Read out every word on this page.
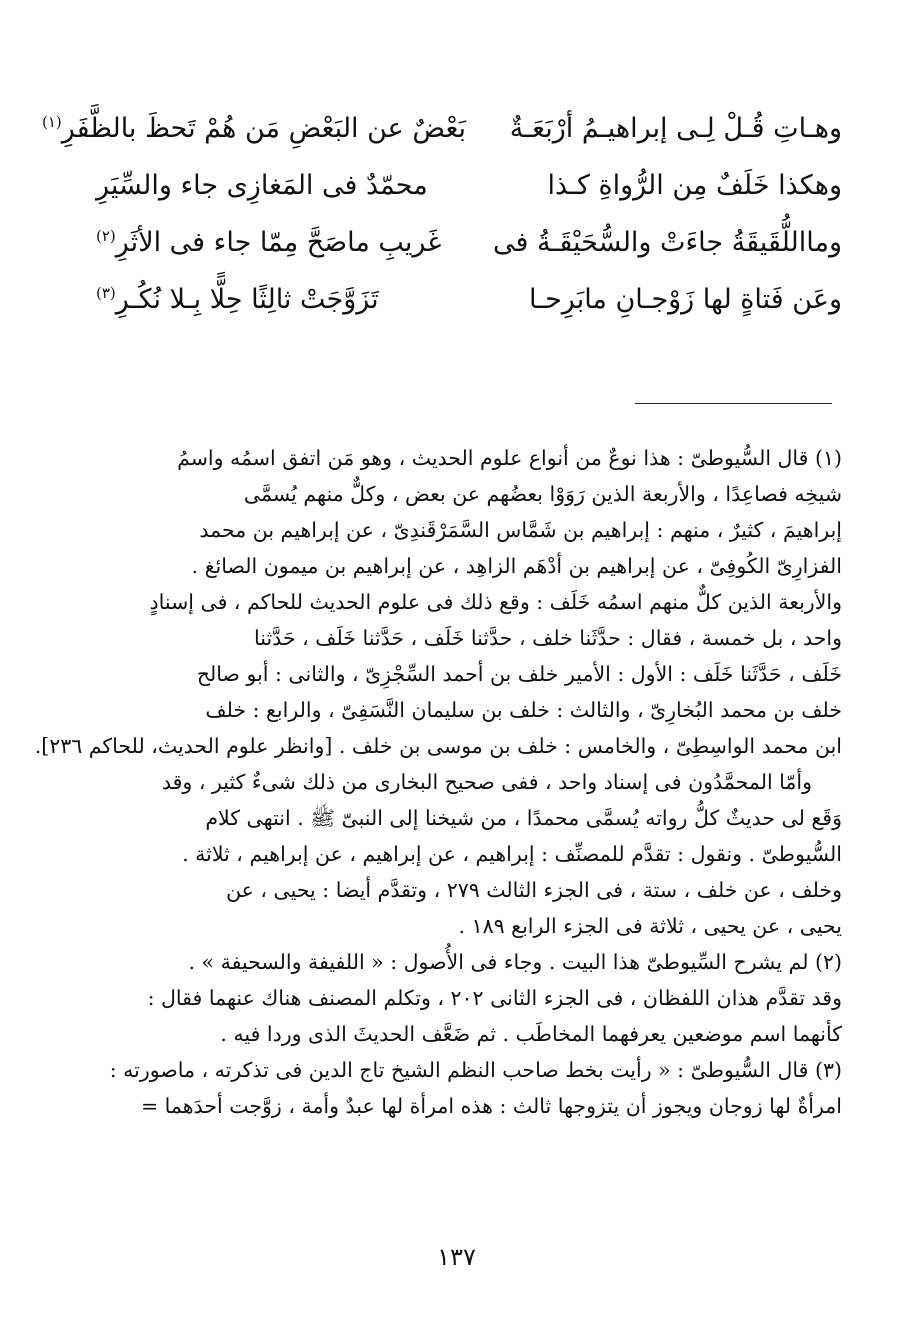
وهـاتِ قُـلْ لِـى إبراهيـمُ أرْبَعَـةٌ
بَعْضٌ عن البَعْضِ مَن هُمْ تَحظَ بالظَّفَرِ$^{(١)}$
وهكذا خَلَفٌ مِن الرُّواةِ كـذا
محمّدٌ فى المَغازِى جاء والسِّيَرِ
ومااللُّقَيقَةُ جاءَتْ والسُّحَيْقَـةُ فى
غَريبِ ماصَحَّ مِمّا جاء فى الأثَرِ$^{(٢)}$
وعَن فَتاةٍ لها زَوْجـانِ مابَرِحـا
تَزَوَّجَتْ ثالِثًا حِلًّا بِـلا نُكُـرِ$^{(٣)}$
(١) قال السُّيوطىّ : هذا نوعٌ من أنواع علوم الحديث ، وهو مَن اتفق اسمُه واسمُ
شيخِه فصاعِدًا ، والأربعة الذين رَوَوْا بعضُهم عن بعض ، وكلٌّ منهم يُسمَّى
إبراهيمَ ، كثيرٌ ، منهم : إبراهيم بن شَمَّاس السَّمَرْقَندِىّ ، عن إبراهيم بن محمد
الفزارِىّ الكُوفِىّ ، عن إبراهيم بن أدْهَم الزاهِد ، عن إبراهيم بن ميمون الصائغ .
والأربعة الذين كلٌّ منهم اسمُه خَلَف : وقع ذلك فى علوم الحديث للحاكم ، فى إسنادٍ
واحد ، بل خمسة ، فقال : حدَّثَنا خلف ، حدَّثنا خَلَف ، حَدَّثنا خَلَف ، حَدَّثنا
خَلَف ، حَدَّثَنا خَلَف : الأول : الأمير خلف بن أحمد السِّجْزِىّ ، والثانى : أبو صالح
خلف بن محمد البُخارِىّ ، والثالث : خلف بن سليمان النَّسَفِىّ ، والرابع : خلف
ابن محمد الواسِطِىّ ، والخامس : خلف بن موسى بن خلف . [وانظر علوم الحديث، للحاكم ٢٣٦].
وأمّا المحمَّدُون فى إسناد واحد ، ففى صحيح البخارى من ذلك شىءٌ كثير ، وقد
وَقَع لى حديثٌ كلُّ رواته يُسمَّى محمدًا ، من شيخنا إلى النبىّ ﷺ . انتهى كلام
السُّيوطىّ . ونقول : تقدَّم للمصنِّف : إبراهيم ، عن إبراهيم ، عن إبراهيم ، ثلاثة .
وخلف ، عن خلف ، ستة ، فى الجزء الثالث ٢٧٩ ، وتقدَّم أيضا : يحيى ، عن
يحيى ، عن يحيى ، ثلاثة فى الجزء الرابع ١٨٩ .
(٢) لم يشرح السِّيوطىّ هذا البيت . وجاء فى الأُصول : « اللفيفة والسحيفة » .
وقد تقدَّم هذان اللفظان ، فى الجزء الثانى ٢٠٢ ، وتكلم المصنف هناك عنهما فقال :
كأنهما اسم موضعين يعرفهما المخاطَب . ثم ضَعَّف الحديثَ الذى وردا فيه .
(٣) قال السُّيوطىّ : « رأيت بخط صاحب النظم الشيخ تاج الدين فى تذكرته ، ماصورته :
امرأةٌ لها زوجان ويجوز أن يتزوجها ثالث : هذه امرأة لها عبدٌ وأمة ، زوَّجت أحدَهما =
١٣٧
